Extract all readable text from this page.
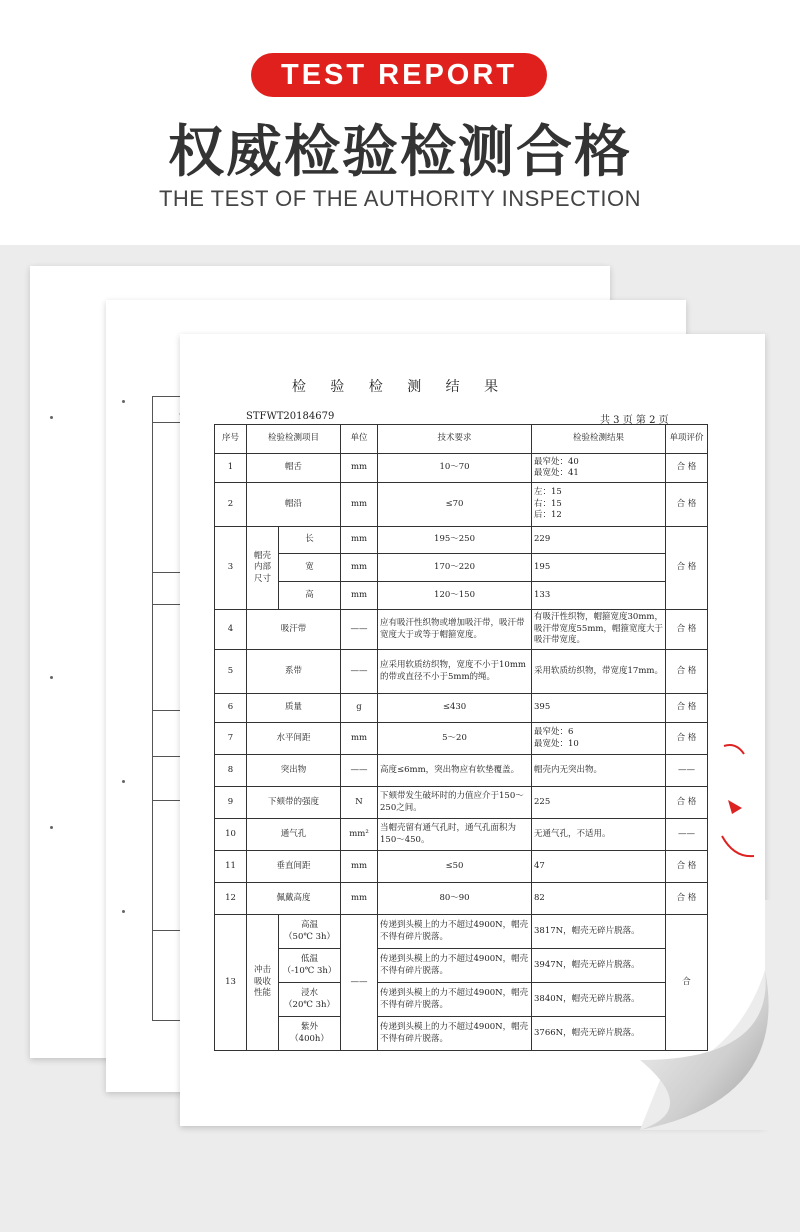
TEST REPORT
权威检验检测合格
THE TEST OF THE AUTHORITY INSPECTION

检 验 检 测 结 果
STFWT20184679	共 3 页 第 2 页
序号	检验检测项目		单位	技术要求	检验检测结果	单项评价
1	帽舌		mm	10～70	最窄处：40
最宽处：41	合 格
2	帽沿		mm	≤70	左：15
右：15
后：12	合 格
3	帽壳内部尺寸	长	mm	195～250	229	合 格
		宽	mm	170～220	195	
		高	mm	120～150	133	
4	吸汗带		——	应有吸汗性织物或增加吸汗带，吸汗带宽度大于或等于帽箍宽度。	有吸汗性织物，帽箍宽度30mm，吸汗带宽度55mm，帽箍宽度大于吸汗带宽度。	合 格
5	系带		——	应采用软质纺织物，宽度不小于10mm的带或直径不小于5mm的绳。	采用软质纺织物，带宽度17mm。	合 格
6	质量		g	≤430	395	合 格
7	水平间距		mm	5～20	最窄处：6
最宽处：10	合 格
8	突出物		——	高度≤6mm，突出物应有软垫覆盖。	帽壳内无突出物。	——
9	下颏带的强度		N	下颏带发生破坏时的力值应介于150～250之间。	225	合 格
10	通气孔		mm²	当帽壳留有通气孔时，通气孔面积为150～450。	无通气孔，不适用。	——
11	垂直间距		mm	≤50	47	合 格
12	佩戴高度		mm	80～90	82	合 格
13	冲击吸收性能	高温
（50℃ 3h）	——	传递到头模上的力不超过4900N，帽壳不得有碎片脱落。	3817N，帽壳无碎片脱落。	合
		低温
（-10℃ 3h）		传递到头模上的力不超过4900N，帽壳不得有碎片脱落。	3947N，帽壳无碎片脱落。	
		浸水
（20℃ 3h）		传递到头模上的力不超过4900N，帽壳不得有碎片脱落。	3840N，帽壳无碎片脱落。	
		紫外
（400h）		传递到头模上的力不超过4900N，帽壳不得有碎片脱落。	3766N，帽壳无碎片脱落。	
